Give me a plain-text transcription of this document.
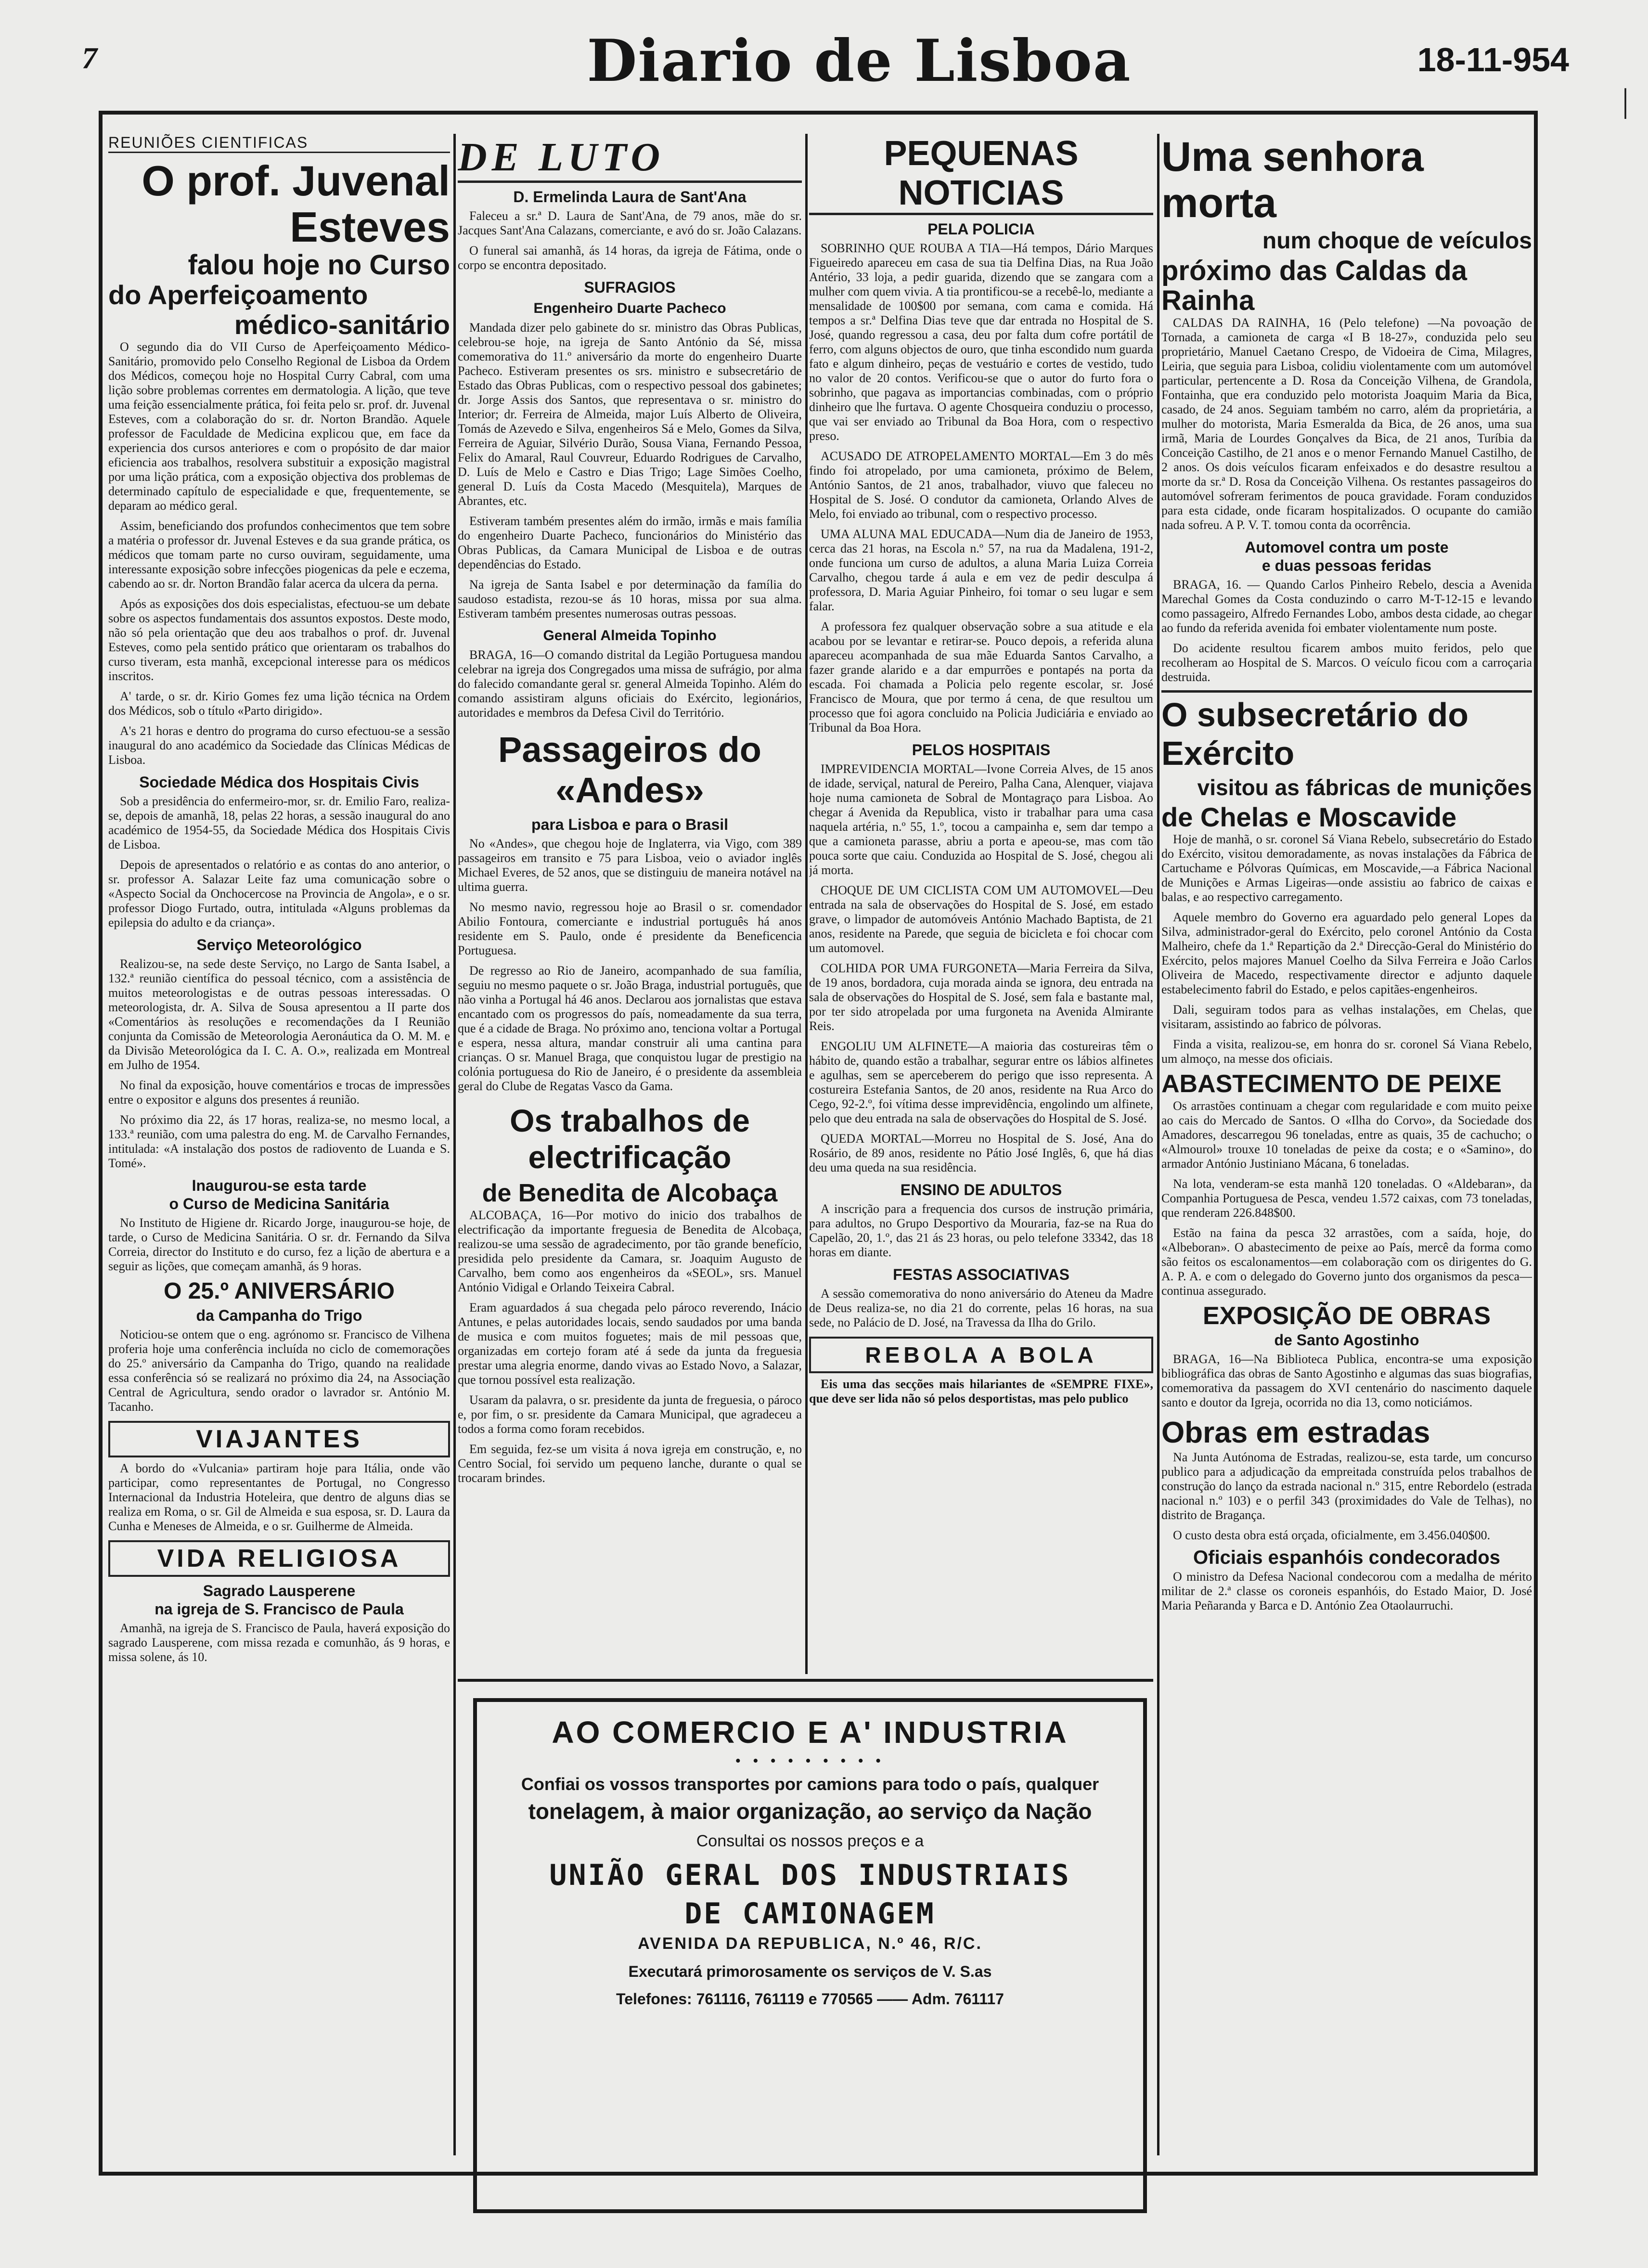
7	Diario de Lisboa	18-11-954
|
REUNIÕES CIENTIFICAS
O prof. Juvenal Esteves
falou hoje no Curso
do Aperfeiçoamento
médico-sanitário

O segundo dia do VII Curso de Aperfeiçoamento Médico-Sanitário, promovido pelo Conselho Regional de Lisboa da Ordem dos Médicos, começou hoje no Hospital Curry Cabral, com uma lição sobre problemas correntes em dermatologia. A lição, que teve uma feição essencialmente prática, foi feita pelo sr. prof. dr. Juvenal Esteves, com a colaboração do sr. dr. Norton Brandão. Aquele professor de Faculdade de Medicina explicou que, em face da experiencia dos cursos anteriores e com o propósito de dar maior eficiencia aos trabalhos, resolvera substituir a exposição magistral por uma lição prática, com a exposição objectiva dos problemas de determinado capítulo de especialidade e que, frequentemente, se deparam ao médico geral.

Assim, beneficiando dos profundos conhecimentos que tem sobre a matéria o professor dr. Juvenal Esteves e da sua grande prática, os médicos que tomam parte no curso ouviram, seguidamente, uma interessante exposição sobre infecções piogenicas da pele e eczema, cabendo ao sr. dr. Norton Brandão falar acerca da ulcera da perna.

Após as exposições dos dois especialistas, efectuou-se um debate sobre os aspectos fundamentais dos assuntos expostos. Deste modo, não só pela orientação que deu aos trabalhos o prof. dr. Juvenal Esteves, como pela sentido prático que orientaram os trabalhos do curso tiveram, esta manhã, excepcional interesse para os médicos inscritos.

A' tarde, o sr. dr. Kirio Gomes fez uma lição técnica na Ordem dos Médicos, sob o título «Parto dirigido».

A's 21 horas e dentro do programa do curso efectuou-se a sessão inaugural do ano académico da Sociedade das Clínicas Médicas de Lisboa.

Sociedade Médica dos Hospitais Civis

Sob a presidência do enfermeiro-mor, sr. dr. Emilio Faro, realiza-se, depois de amanhã, 18, pelas 22 horas, a sessão inaugural do ano académico de 1954-55, da Sociedade Médica dos Hospitais Civis de Lisboa.

Depois de apresentados o relatório e as contas do ano anterior, o sr. professor A. Salazar Leite faz uma comunicação sobre o «Aspecto Social da Onchocercose na Provincia de Angola», e o sr. professor Diogo Furtado, outra, intitulada «Alguns problemas da epilepsia do adulto e da criança».

Serviço Meteorológico

Realizou-se, na sede deste Serviço, no Largo de Santa Isabel, a 132.ª reunião científica do pessoal técnico, com a assistência de muitos meteorologistas e de outras pessoas interessadas. O meteorologista, dr. A. Silva de Sousa apresentou a II parte dos «Comentários às resoluções e recomendações da I Reunião conjunta da Comissão de Meteorologia Aeronáutica da O. M. M. e da Divisão Meteorológica da I. C. A. O.», realizada em Montreal em Julho de 1954.

No final da exposição, houve comentários e trocas de impressões entre o expositor e alguns dos presentes á reunião.

No próximo dia 22, ás 17 horas, realiza-se, no mesmo local, a 133.ª reunião, com uma palestra do eng. M. de Carvalho Fernandes, intitulada: «A instalação dos postos de radiovento de Luanda e S. Tomé».

Inaugurou-se esta tarde
o Curso de Medicina Sanitária

No Instituto de Higiene dr. Ricardo Jorge, inaugurou-se hoje, de tarde, o Curso de Medicina Sanitária. O sr. dr. Fernando da Silva Correia, director do Instituto e do curso, fez a lição de abertura e a seguir as lições, que começam amanhã, ás 9 horas.

O 25.º ANIVERSÁRIO
da Campanha do Trigo

Noticiou-se ontem que o eng. agrónomo sr. Francisco de Vilhena proferia hoje uma conferência incluída no ciclo de comemorações do 25.º aniversário da Campanha do Trigo, quando na realidade essa conferência só se realizará no próximo dia 24, na Associação Central de Agricultura, sendo orador o lavrador sr. António M. Tacanho.

VIAJANTES

A bordo do «Vulcania» partiram hoje para Itália, onde vão participar, como representantes de Portugal, no Congresso Internacional da Industria Hoteleira, que dentro de alguns dias se realiza em Roma, o sr. Gil de Almeida e sua esposa, sr. D. Laura da Cunha e Meneses de Almeida, e o sr. Guilherme de Almeida.

VIDA RELIGIOSA
Sagrado Lausperene
na igreja de S. Francisco de Paula

Amanhã, na igreja de S. Francisco de Paula, haverá exposição do sagrado Lausperene, com missa rezada e comunhão, ás 9 horas, e missa solene, ás 10.

DE LUTO
D. Ermelinda Laura de Sant'Ana

Faleceu a sr.ª D. Laura de Sant'Ana, de 79 anos, mãe do sr. Jacques Sant'Ana Calazans, comerciante, e avó do sr. João Calazans.

O funeral sai amanhã, ás 14 horas, da igreja de Fátima, onde o corpo se encontra depositado.

SUFRAGIOS
Engenheiro Duarte Pacheco

Mandada dizer pelo gabinete do sr. ministro das Obras Publicas, celebrou-se hoje, na igreja de Santo António da Sé, missa comemorativa do 11.º aniversário da morte do engenheiro Duarte Pacheco. Estiveram presentes os srs. ministro e subsecretário de Estado das Obras Publicas, com o respectivo pessoal dos gabinetes; dr. Jorge Assis dos Santos, que representava o sr. ministro do Interior; dr. Ferreira de Almeida, major Luís Alberto de Oliveira, Tomás de Azevedo e Silva, engenheiros Sá e Melo, Gomes da Silva, Ferreira de Aguiar, Silvério Durão, Sousa Viana, Fernando Pessoa, Felix do Amaral, Raul Couvreur, Eduardo Rodrigues de Carvalho, D. Luís de Melo e Castro e Dias Trigo; Lage Simões Coelho, general D. Luís da Costa Macedo (Mesquitela), Marques de Abrantes, etc.

Estiveram também presentes além do irmão, irmãs e mais família do engenheiro Duarte Pacheco, funcionários do Ministério das Obras Publicas, da Camara Municipal de Lisboa e de outras dependências do Estado.

Na igreja de Santa Isabel e por determinação da família do saudoso estadista, rezou-se ás 10 horas, missa por sua alma. Estiveram também presentes numerosas outras pessoas.

General Almeida Topinho

BRAGA, 16—O comando distrital da Legião Portuguesa mandou celebrar na igreja dos Congregados uma missa de sufrágio, por alma do falecido comandante geral sr. general Almeida Topinho. Além do comando assistiram alguns oficiais do Exército, legionários, autoridades e membros da Defesa Civil do Território.

Passageiros do «Andes»
para Lisboa e para o Brasil

No «Andes», que chegou hoje de Inglaterra, via Vigo, com 389 passageiros em transito e 75 para Lisboa, veio o aviador inglês Michael Everes, de 52 anos, que se distinguiu de maneira notável na ultima guerra.

No mesmo navio, regressou hoje ao Brasil o sr. comendador Abilio Fontoura, comerciante e industrial português há anos residente em S. Paulo, onde é presidente da Beneficencia Portuguesa.

De regresso ao Rio de Janeiro, acompanhado de sua família, seguiu no mesmo paquete o sr. João Braga, industrial português, que não vinha a Portugal há 46 anos. Declarou aos jornalistas que estava encantado com os progressos do país, nomeadamente da sua terra, que é a cidade de Braga. No próximo ano, tenciona voltar a Portugal e espera, nessa altura, mandar construir ali uma cantina para crianças. O sr. Manuel Braga, que conquistou lugar de prestigio na colónia portuguesa do Rio de Janeiro, é o presidente da assembleia geral do Clube de Regatas Vasco da Gama.

Os trabalhos de electrificação
de Benedita de Alcobaça

ALCOBAÇA, 16—Por motivo do inicio dos trabalhos de electrificação da importante freguesia de Benedita de Alcobaça, realizou-se uma sessão de agradecimento, por tão grande benefício, presidida pelo presidente da Camara, sr. Joaquim Augusto de Carvalho, bem como aos engenheiros da «SEOL», srs. Manuel António Vidigal e Orlando Teixeira Cabral.

Eram aguardados á sua chegada pelo pároco reverendo, Inácio Antunes, e pelas autoridades locais, sendo saudados por uma banda de musica e com muitos foguetes; mais de mil pessoas que, organizadas em cortejo foram até á sede da junta da freguesia prestar uma alegria enorme, dando vivas ao Estado Novo, a Salazar, que tornou possível esta realização.

Usaram da palavra, o sr. presidente da junta de freguesia, o pároco e, por fim, o sr. presidente da Camara Municipal, que agradeceu a todos a forma como foram recebidos.

Em seguida, fez-se um visita á nova igreja em construção, e, no Centro Social, foi servido um pequeno lanche, durante o qual se trocaram brindes.

PEQUENAS NOTICIAS
PELA POLICIA

SOBRINHO QUE ROUBA A TIA—Há tempos, Dário Marques Figueiredo apareceu em casa de sua tia Delfina Dias, na Rua João Antério, 33 loja, a pedir guarida, dizendo que se zangara com a mulher com quem vivia. A tia prontificou-se a recebê-lo, mediante a mensalidade de 100$00 por semana, com cama e comida. Há tempos a sr.ª Delfina Dias teve que dar entrada no Hospital de S. José, quando regressou a casa, deu por falta dum cofre portátil de ferro, com alguns objectos de ouro, que tinha escondido num guarda fato e algum dinheiro, peças de vestuário e cortes de vestido, tudo no valor de 20 contos. Verificou-se que o autor do furto fora o sobrinho, que pagava as importancias combinadas, com o próprio dinheiro que lhe furtava. O agente Chosqueira conduziu o processo, que vai ser enviado ao Tribunal da Boa Hora, com o respectivo preso.

ACUSADO DE ATROPELAMENTO MORTAL—Em 3 do mês findo foi atropelado, por uma camioneta, próximo de Belem, António Santos, de 21 anos, trabalhador, viuvo que faleceu no Hospital de S. José. O condutor da camioneta, Orlando Alves de Melo, foi enviado ao tribunal, com o respectivo processo.

UMA ALUNA MAL EDUCADA—Num dia de Janeiro de 1953, cerca das 21 horas, na Escola n.º 57, na rua da Madalena, 191-2, onde funciona um curso de adultos, a aluna Maria Luiza Correia Carvalho, chegou tarde á aula e em vez de pedir desculpa á professora, D. Maria Aguiar Pinheiro, foi tomar o seu lugar e sem falar.

A professora fez qualquer observação sobre a sua atitude e ela acabou por se levantar e retirar-se. Pouco depois, a referida aluna apareceu acompanhada de sua mãe Eduarda Santos Carvalho, a fazer grande alarido e a dar empurrões e pontapés na porta da escada. Foi chamada a Policia pelo regente escolar, sr. José Francisco de Moura, que por termo á cena, de que resultou um processo que foi agora concluido na Policia Judiciária e enviado ao Tribunal da Boa Hora.

PELOS HOSPITAIS

IMPREVIDENCIA MORTAL—Ivone Correia Alves, de 15 anos de idade, serviçal, natural de Pereiro, Palha Cana, Alenquer, viajava hoje numa camioneta de Sobral de Montagraço para Lisboa. Ao chegar á Avenida da Republica, visto ir trabalhar para uma casa naquela artéria, n.º 55, 1.º, tocou a campainha e, sem dar tempo a que a camioneta parasse, abriu a porta e apeou-se, mas com tão pouca sorte que caiu. Conduzida ao Hospital de S. José, chegou ali já morta.

CHOQUE DE UM CICLISTA COM UM AUTOMOVEL—Deu entrada na sala de observações do Hospital de S. José, em estado grave, o limpador de automóveis António Machado Baptista, de 21 anos, residente na Parede, que seguia de bicicleta e foi chocar com um automovel.

COLHIDA POR UMA FURGONETA—Maria Ferreira da Silva, de 19 anos, bordadora, cuja morada ainda se ignora, deu entrada na sala de observações do Hospital de S. José, sem fala e bastante mal, por ter sido atropelada por uma furgoneta na Avenida Almirante Reis.

ENGOLIU UM ALFINETE—A maioria das costureiras têm o hábito de, quando estão a trabalhar, segurar entre os lábios alfinetes e agulhas, sem se aperceberem do perigo que isso representa. A costureira Estefania Santos, de 20 anos, residente na Rua Arco do Cego, 92-2.º, foi vítima desse imprevidência, engolindo um alfinete, pelo que deu entrada na sala de observações do Hospital de S. José.

QUEDA MORTAL—Morreu no Hospital de S. José, Ana do Rosário, de 89 anos, residente no Pátio José Inglês, 6, que há dias deu uma queda na sua residência.

ENSINO DE ADULTOS

A inscrição para a frequencia dos cursos de instrução primária, para adultos, no Grupo Desportivo da Mouraria, faz-se na Rua do Capelão, 20, 1.º, das 21 ás 23 horas, ou pelo telefone 33342, das 18 horas em diante.

FESTAS ASSOCIATIVAS

A sessão comemorativa do nono aniversário do Ateneu da Madre de Deus realiza-se, no dia 21 do corrente, pelas 16 horas, na sua sede, no Palácio de D. José, na Travessa da Ilha do Grilo.

REBOLA A BOLA

Eis uma das secções mais hilariantes de «SEMPRE FIXE», que deve ser lida não só pelos desportistas, mas pelo publico

Uma senhora morta
num choque de veículos
próximo das Caldas da Rainha

CALDAS DA RAINHA, 16 (Pelo telefone) —Na povoação de Tornada, a camioneta de carga «I B 18-27», conduzida pelo seu proprietário, Manuel Caetano Crespo, de Vidoeira de Cima, Milagres, Leiria, que seguia para Lisboa, colidiu violentamente com um automóvel particular, pertencente a D. Rosa da Conceição Vilhena, de Grandola, Fontainha, que era conduzido pelo motorista Joaquim Maria da Bica, casado, de 24 anos. Seguiam também no carro, além da proprietária, a mulher do motorista, Maria Esmeralda da Bica, de 26 anos, uma sua irmã, Maria de Lourdes Gonçalves da Bica, de 21 anos, Turíbia da Conceição Castilho, de 21 anos e o menor Fernando Manuel Castilho, de 2 anos. Os dois veículos ficaram enfeixados e do desastre resultou a morte da sr.ª D. Rosa da Conceição Vilhena. Os restantes passageiros do automóvel sofreram ferimentos de pouca gravidade. Foram conduzidos para esta cidade, onde ficaram hospitalizados. O ocupante do camião nada sofreu. A P. V. T. tomou conta da ocorrência.

Automovel contra um poste
e duas pessoas feridas

BRAGA, 16. — Quando Carlos Pinheiro Rebelo, descia a Avenida Marechal Gomes da Costa conduzindo o carro M-T-12-15 e levando como passageiro, Alfredo Fernandes Lobo, ambos desta cidade, ao chegar ao fundo da referida avenida foi embater violentamente num poste.

Do acidente resultou ficarem ambos muito feridos, pelo que recolheram ao Hospital de S. Marcos. O veículo ficou com a carroçaria destruida.

O subsecretário do Exército
visitou as fábricas de munições
de Chelas e Moscavide

Hoje de manhã, o sr. coronel Sá Viana Rebelo, subsecretário do Estado do Exército, visitou demoradamente, as novas instalações da Fábrica de Cartuchame e Pólvoras Químicas, em Moscavide,—a Fábrica Nacional de Munições e Armas Ligeiras—onde assistiu ao fabrico de caixas e balas, e ao respectivo carregamento.

Aquele membro do Governo era aguardado pelo general Lopes da Silva, administrador-geral do Exército, pelo coronel António da Costa Malheiro, chefe da 1.ª Repartição da 2.ª Direcção-Geral do Ministério do Exército, pelos majores Manuel Coelho da Silva Ferreira e João Carlos Oliveira de Macedo, respectivamente director e adjunto daquele estabelecimento fabril do Estado, e pelos capitães-engenheiros.

Dali, seguiram todos para as velhas instalações, em Chelas, que visitaram, assistindo ao fabrico de pólvoras.

Finda a visita, realizou-se, em honra do sr. coronel Sá Viana Rebelo, um almoço, na messe dos oficiais.

ABASTECIMENTO DE PEIXE

Os arrastões continuam a chegar com regularidade e com muito peixe ao cais do Mercado de Santos. O «Ilha do Corvo», da Sociedade dos Amadores, descarregou 96 toneladas, entre as quais, 35 de cachucho; o «Almourol» trouxe 10 toneladas de peixe da costa; e o «Samino», do armador António Justiniano Mácana, 6 toneladas.

Na lota, venderam-se esta manhã 120 toneladas. O «Aldebaran», da Companhia Portuguesa de Pesca, vendeu 1.572 caixas, com 73 toneladas, que renderam 226.848$00.

Estão na faina da pesca 32 arrastões, com a saída, hoje, do «Albeboran». O abastecimento de peixe ao País, mercê da forma como são feitos os escalonamentos—em colaboração com os dirigentes do G. A. P. A. e com o delegado do Governo junto dos organismos da pesca—continua assegurado.

EXPOSIÇÃO DE OBRAS
de Santo Agostinho

BRAGA, 16—Na Biblioteca Publica, encontra-se uma exposição bibliográfica das obras de Santo Agostinho e algumas das suas biografias, comemorativa da passagem do XVI centenário do nascimento daquele santo e doutor da Igreja, ocorrida no dia 13, como noticiámos.

Obras em estradas

Na Junta Autónoma de Estradas, realizou-se, esta tarde, um concurso publico para a adjudicação da empreitada construída pelos trabalhos de construção do lanço da estrada nacional n.º 315, entre Rebordelo (estrada nacional n.º 103) e o perfil 343 (proximidades do Vale de Telhas), no distrito de Bragança.

O custo desta obra está orçada, oficialmente, em 3.456.040$00.

Oficiais espanhóis condecorados

O ministro da Defesa Nacional condecorou com a medalha de mérito militar de 2.ª classe os coroneis espanhóis, do Estado Maior, D. José Maria Peñaranda y Barca e D. António Zea Otaolaurruchi.

AO COMERCIO E A' INDUSTRIA
• • • • • • • • •
Confiai os vossos transportes por camions para todo o país, qualquer
tonelagem, à maior organização, ao serviço da Nação
Consultai os nossos preços e a
UNIÃO GERAL DOS INDUSTRIAIS
DE CAMIONAGEM
AVENIDA DA REPUBLICA, N.º 46, R/C.
Executará primorosamente os serviços de V. S.as
Telefones: 761116, 761119 e 770565 —— Adm. 761117
